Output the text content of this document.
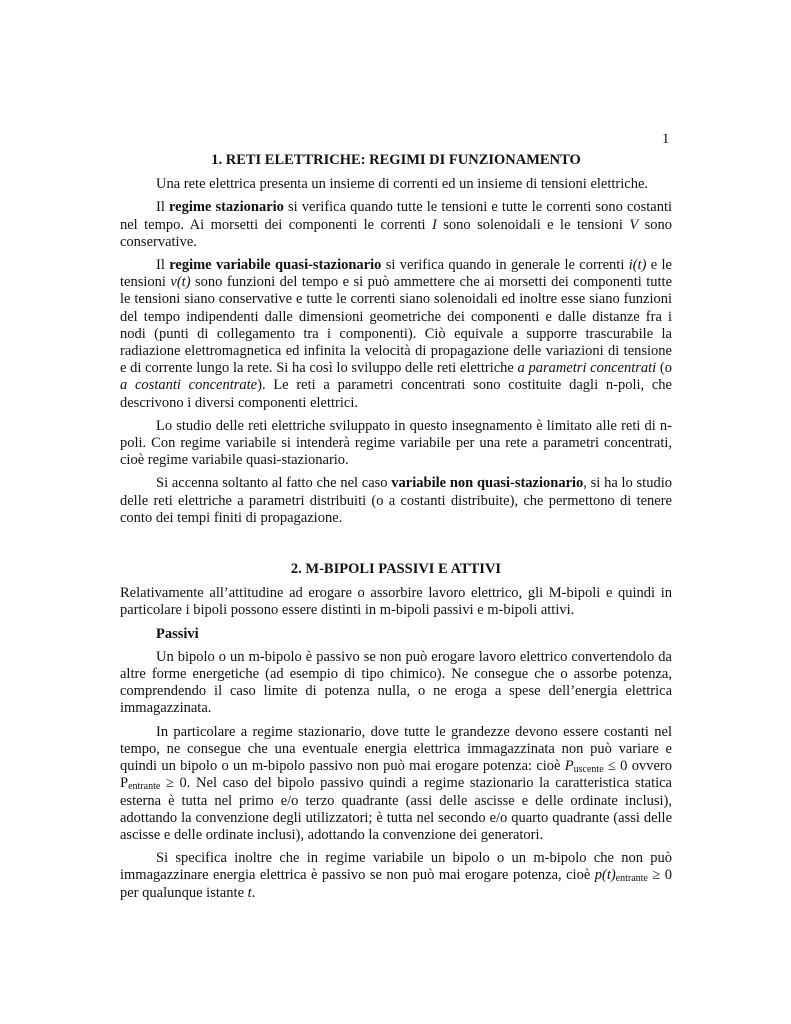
1
1. RETI ELETTRICHE: REGIMI DI FUNZIONAMENTO

Una rete elettrica presenta un insieme di correnti ed un insieme di tensioni elettriche.

Il regime stazionario si verifica quando tutte le tensioni e tutte le correnti sono costanti nel tempo. Ai morsetti dei componenti le correnti I sono solenoidali e le tensioni V sono conservative.

Il regime variabile quasi-stazionario si verifica quando in generale le correnti i(t) e le tensioni v(t) sono funzioni del tempo e si può ammettere che ai morsetti dei componenti tutte le tensioni siano conservative e tutte le correnti siano solenoidali ed inoltre esse siano funzioni del tempo indipendenti dalle dimensioni geometriche dei componenti e dalle distanze fra i nodi (punti di collegamento tra i componenti). Ciò equivale a supporre trascurabile la radiazione elettromagnetica ed infinita la velocità di propagazione delle variazioni di tensione e di corrente lungo la rete. Si ha così lo sviluppo delle reti elettriche a parametri concentrati (o a costanti concentrate). Le reti a parametri concentrati sono costituite dagli n-poli, che descrivono i diversi componenti elettrici.

Lo studio delle reti elettriche sviluppato in questo insegnamento è limitato alle reti di n-poli. Con regime variabile si intenderà regime variabile per una rete a parametri concentrati, cioè regime variabile quasi-stazionario.

Si accenna soltanto al fatto che nel caso variabile non quasi-stazionario, si ha lo studio delle reti elettriche a parametri distribuiti (o a costanti distribuite), che permettono di tenere conto dei tempi finiti di propagazione.

2. M-BIPOLI PASSIVI E ATTIVI

Relativamente all’attitudine ad erogare o assorbire lavoro elettrico, gli M-bipoli e quindi in particolare i bipoli possono essere distinti in m-bipoli passivi e m-bipoli attivi.

Passivi

Un bipolo o un m-bipolo è passivo se non può erogare lavoro elettrico convertendolo da altre forme energetiche (ad esempio di tipo chimico). Ne consegue che o assorbe potenza, comprendendo il caso limite di potenza nulla, o ne eroga a spese dell’energia elettrica immagazzinata.

In particolare a regime stazionario, dove tutte le grandezze devono essere costanti nel tempo, ne consegue che una eventuale energia elettrica immagazzinata non può variare e quindi un bipolo o un m-bipolo passivo non può mai erogare potenza: cioè $P_{uscente} \le 0$ ovvero $P_{entrante} \ge 0$. Nel caso del bipolo passivo quindi a regime stazionario la caratteristica statica esterna è tutta nel primo e/o terzo quadrante (assi delle ascisse e delle ordinate inclusi), adottando la convenzione degli utilizzatori; è tutta nel secondo e/o quarto quadrante (assi delle ascisse e delle ordinate inclusi), adottando la convenzione dei generatori.

Si specifica inoltre che in regime variabile un bipolo o un m-bipolo che non può immagazzinare energia elettrica è passivo se non può mai erogare potenza, cioè $p(t)_{entrante} \ge 0$ per qualunque istante t.
